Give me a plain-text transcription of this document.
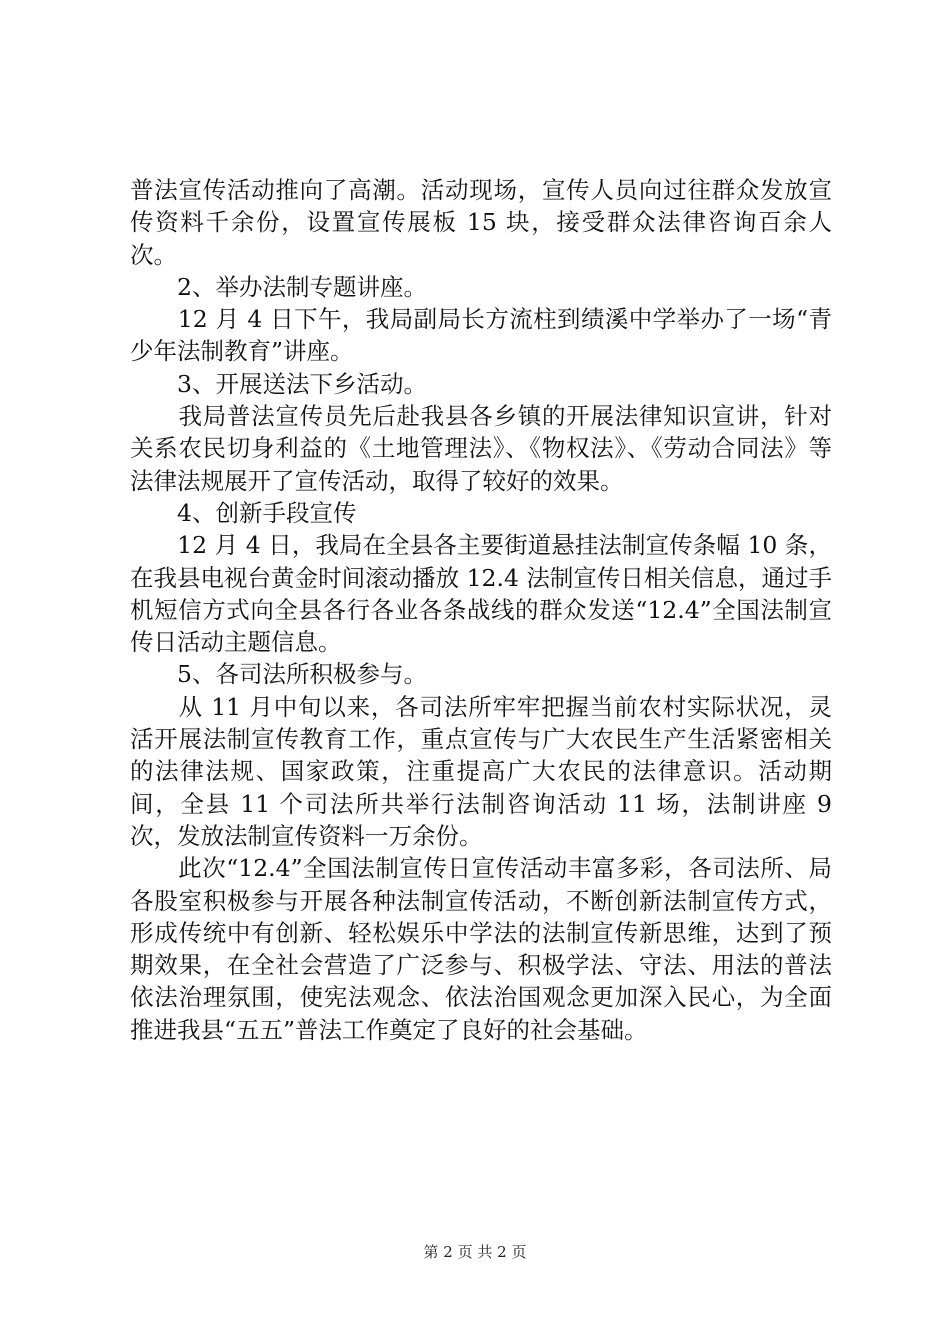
普法宣传活动推向了高潮。活动现场，宣传人员向过往群众发放宣传资料千余份，设置宣传展板 15 块，接受群众法律咨询百余人次。

　　2、举办法制专题讲座。

　　12 月 4 日下午，我局副局长方流柱到绩溪中学举办了一场“青少年法制教育”讲座。

　　3、开展送法下乡活动。

　　我局普法宣传员先后赴我县各乡镇的开展法律知识宣讲，针对关系农民切身利益的《土地管理法》、《物权法》、《劳动合同法》等法律法规展开了宣传活动，取得了较好的效果。

　　4、创新手段宣传

　　12 月 4 日，我局在全县各主要街道悬挂法制宣传条幅 10 条，在我县电视台黄金时间滚动播放 12.4 法制宣传日相关信息，通过手机短信方式向全县各行各业各条战线的群众发送“12.4”全国法制宣传日活动主题信息。

　　5、各司法所积极参与。

　　从 11 月中旬以来，各司法所牢牢把握当前农村实际状况，灵活开展法制宣传教育工作，重点宣传与广大农民生产生活紧密相关的法律法规、国家政策，注重提高广大农民的法律意识。活动期间，全县 11 个司法所共举行法制咨询活动 11 场，法制讲座 9 次，发放法制宣传资料一万余份。

　　此次“12.4”全国法制宣传日宣传活动丰富多彩，各司法所、局各股室积极参与开展各种法制宣传活动，不断创新法制宣传方式，形成传统中有创新、轻松娱乐中学法的法制宣传新思维，达到了预期效果，在全社会营造了广泛参与、积极学法、守法、用法的普法依法治理氛围，使宪法观念、依法治国观念更加深入民心，为全面推进我县“五五”普法工作奠定了良好的社会基础。

第 2 页 共 2 页
